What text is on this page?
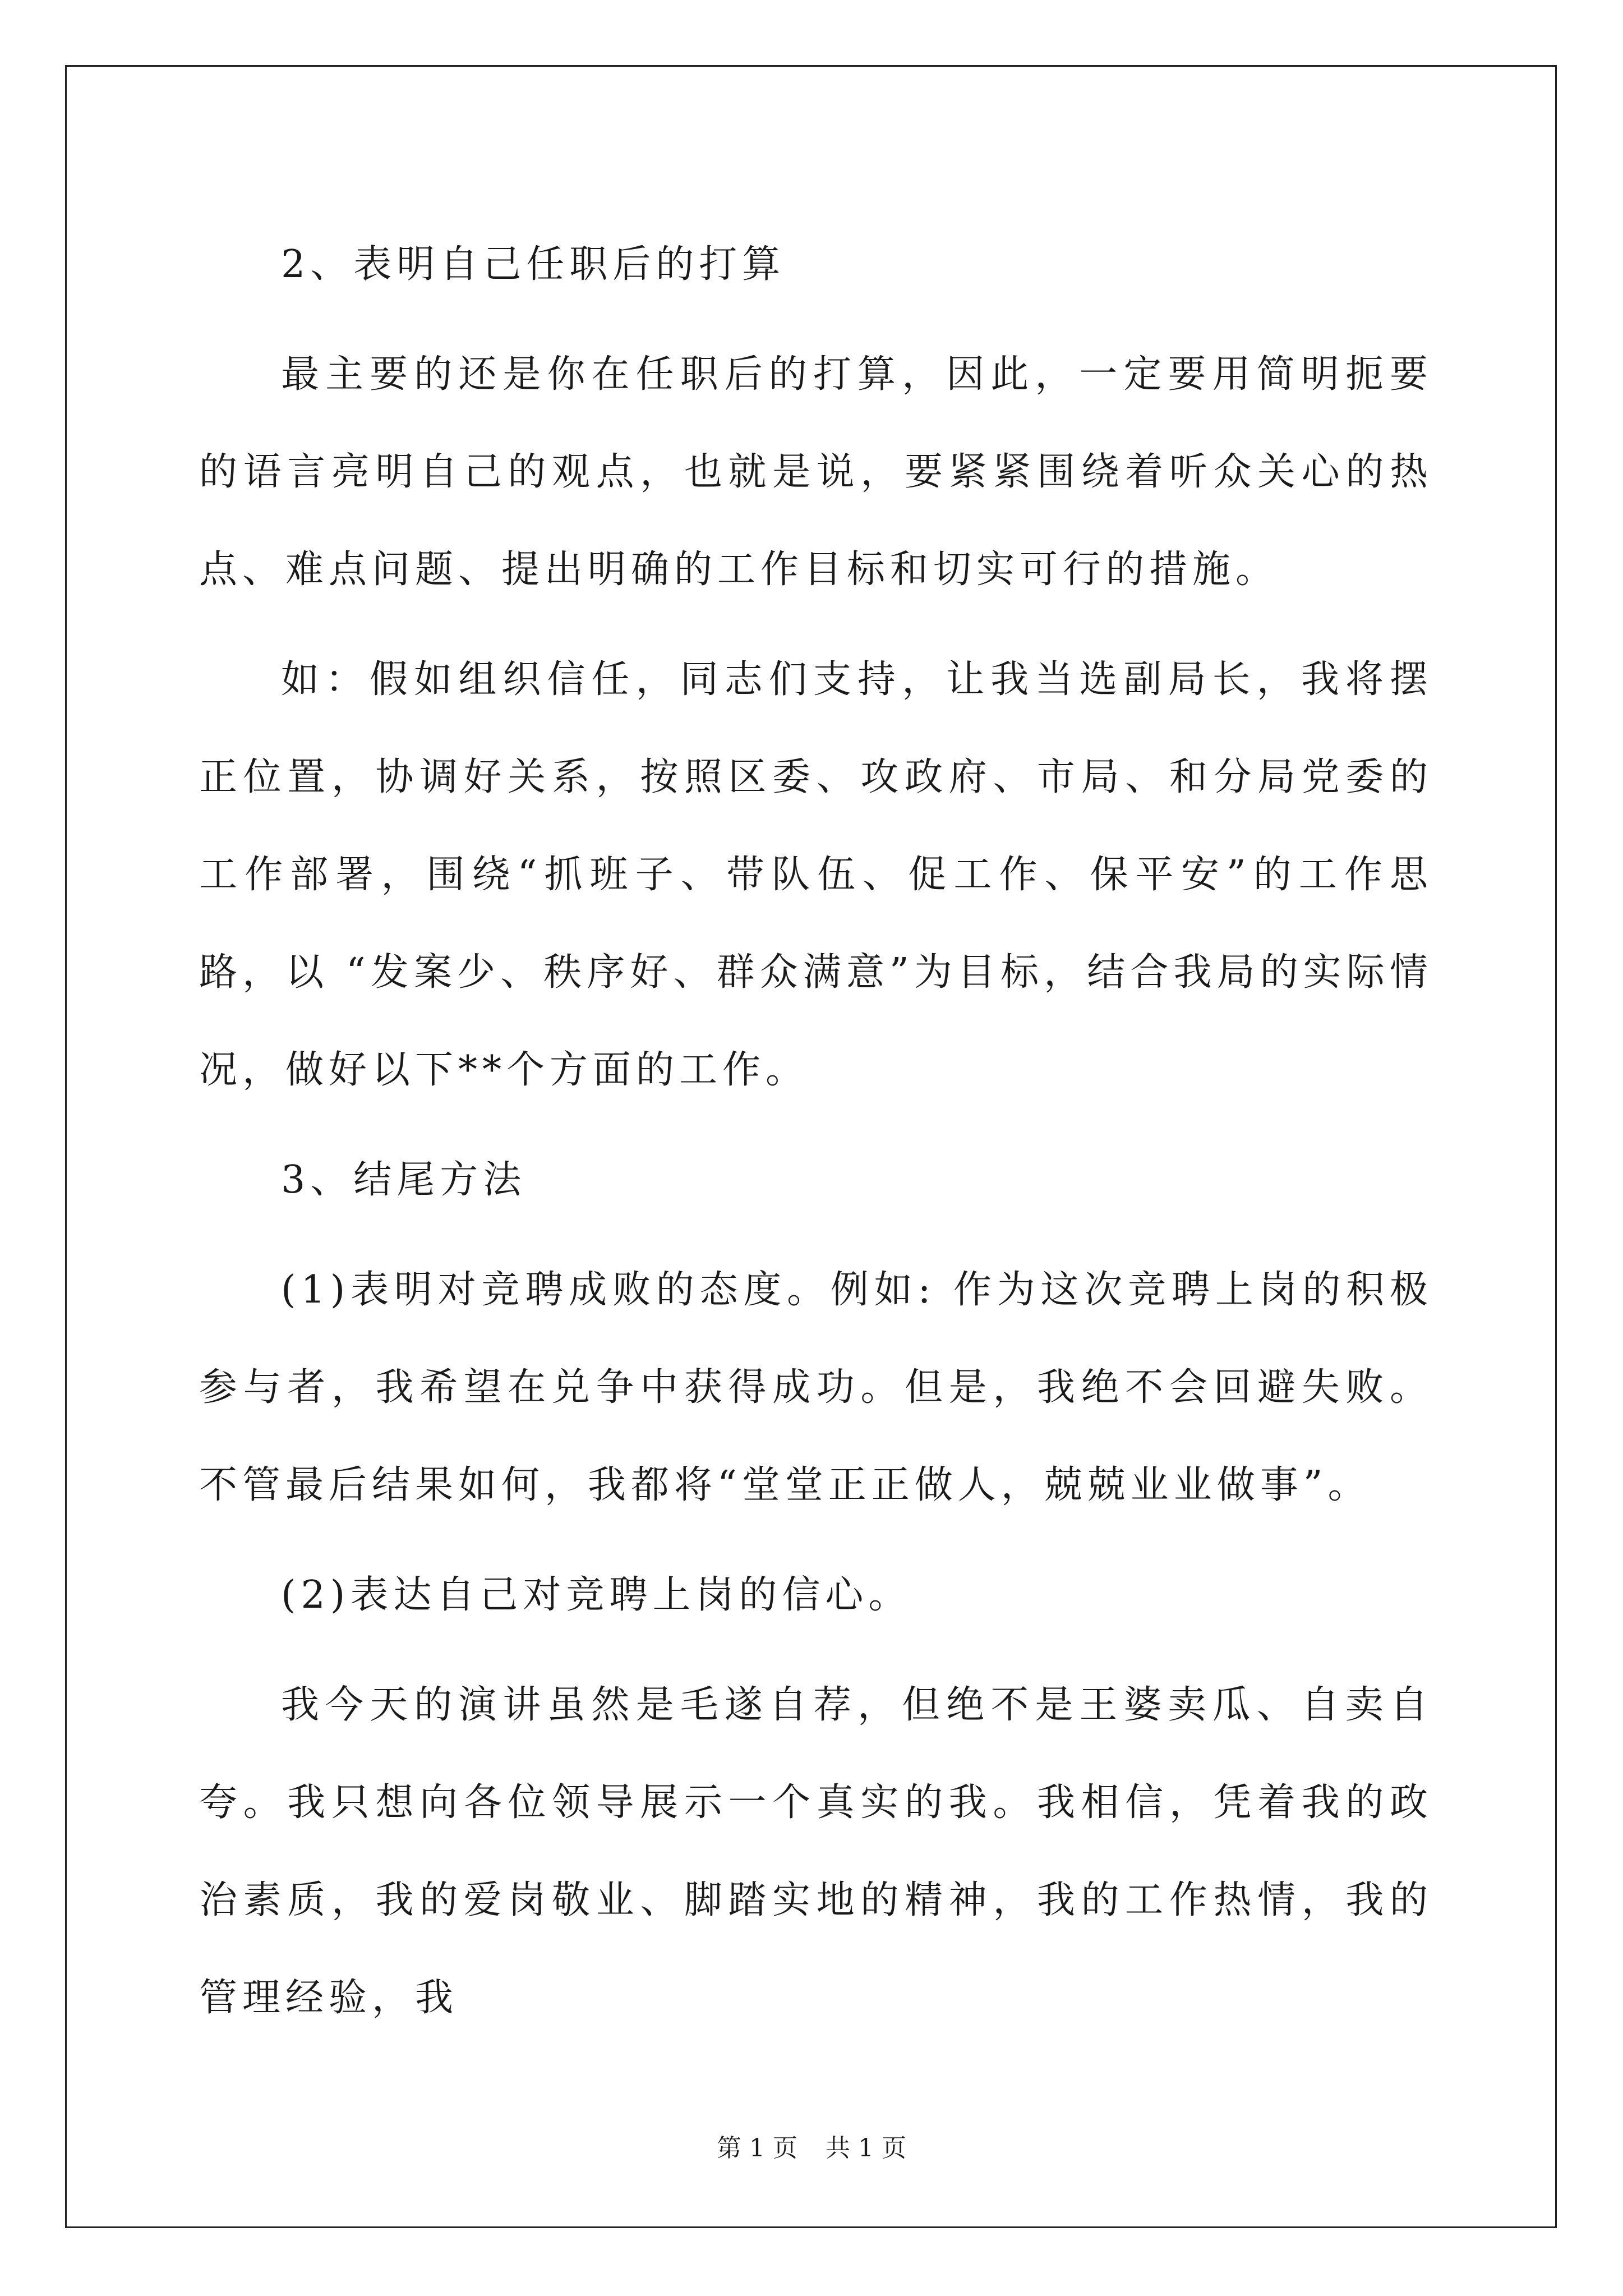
2、表明自己任职后的打算

最主要的还是你在任职后的打算，因此，一定要用简明扼要的语言亮明自己的观点，也就是说，要紧紧围绕着听众关心的热点、难点问题、提出明确的工作目标和切实可行的措施。

如：假如组织信任，同志们支持，让我当选副局长，我将摆正位置，协调好关系，按照区委、攻政府、市局、和分局党委的工作部署，围绕“抓班子、带队伍、促工作、保平安”的工作思路，以 “发案少、秩序好、群众满意”为目标，结合我局的实际情况，做好以下**个方面的工作。

3、结尾方法

(1)表明对竞聘成败的态度。例如: 作为这次竞聘上岗的积极参与者，我希望在兑争中获得成功。但是，我绝不会回避失败。不管最后结果如何，我都将“堂堂正正做人，兢兢业业做事”。

(2)表达自己对竞聘上岗的信心。

我今天的演讲虽然是毛遂自荐，但绝不是王婆卖瓜、自卖自夸。我只想向各位领导展示一个真实的我。我相信，凭着我的政治素质，我的爱岗敬业、脚踏实地的精神，我的工作热情，我的管理经验，我

第 1 页 共 1 页
